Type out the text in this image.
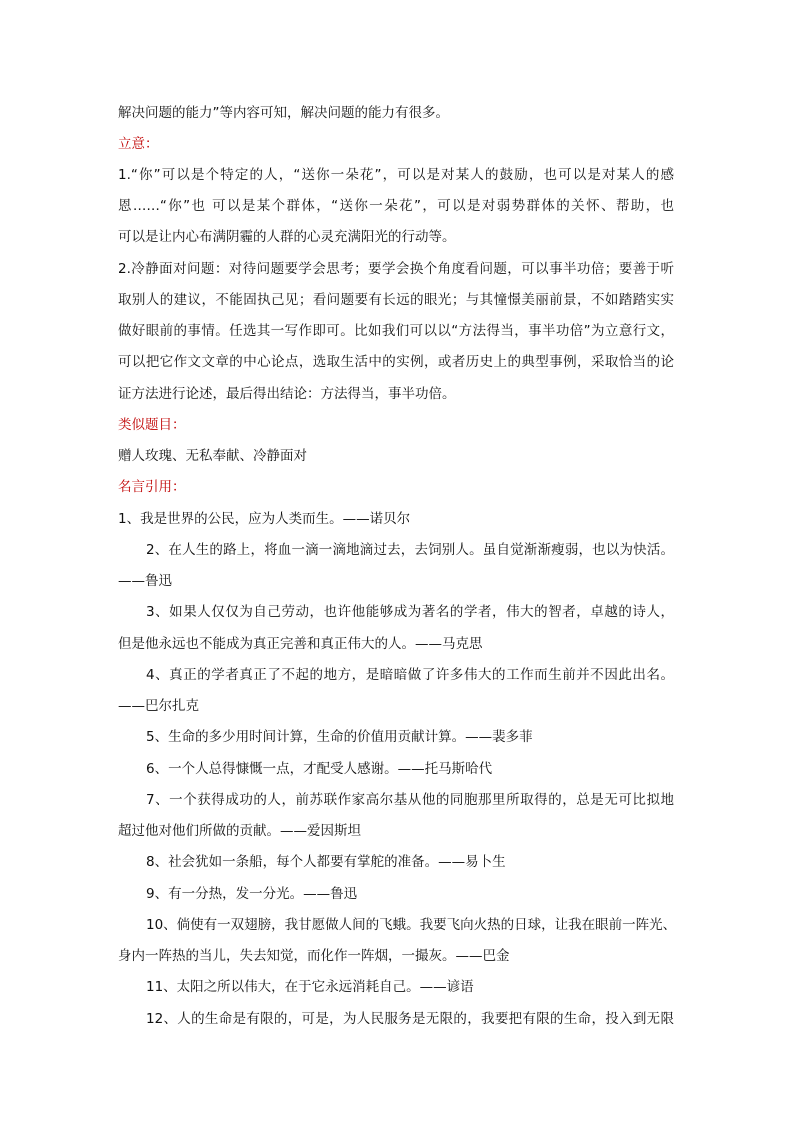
解决问题的能力”等内容可知，解决问题的能力有很多。

立意：

1.“你”可以是个特定的人，“送你一朵花”，可以是对某人的鼓励，也可以是对某人的感

恩……“你”也 可以是某个群体，“送你一朵花”，可以是对弱势群体的关怀、帮助，也

可以是让内心布满阴霾的人群的心灵充满阳光的行动等。

2.冷静面对问题：对待问题要学会思考；要学会换个角度看问题，可以事半功倍；要善于听

取别人的建议，不能固执己见；看问题要有长远的眼光；与其憧憬美丽前景，不如踏踏实实

做好眼前的事情。任选其一写作即可。比如我们可以以“方法得当，事半功倍”为立意行文，

可以把它作文文章的中心论点，选取生活中的实例，或者历史上的典型事例，采取恰当的论

证方法进行论述，最后得出结论：方法得当，事半功倍。

类似题目：

赠人玫瑰、无私奉献、冷静面对

名言引用：

1、我是世界的公民，应为人类而生。——诺贝尔

2、在人生的路上，将血一滴一滴地滴过去，去饲别人。虽自觉渐渐瘦弱，也以为快活。

——鲁迅

3、如果人仅仅为自己劳动，也许他能够成为著名的学者，伟大的智者，卓越的诗人，

但是他永远也不能成为真正完善和真正伟大的人。——马克思

4、真正的学者真正了不起的地方，是暗暗做了许多伟大的工作而生前并不因此出名。

——巴尔扎克

5、生命的多少用时间计算，生命的价值用贡献计算。——裴多菲

6、一个人总得慷慨一点，才配受人感谢。——托马斯哈代

7、一个获得成功的人，前苏联作家高尔基从他的同胞那里所取得的，总是无可比拟地

超过他对他们所做的贡献。——爱因斯坦

8、社会犹如一条船，每个人都要有掌舵的准备。——易卜生

9、有一分热，发一分光。——鲁迅

10、倘使有一双翅膀，我甘愿做人间的飞蛾。我要飞向火热的日球，让我在眼前一阵光、

身内一阵热的当儿，失去知觉，而化作一阵烟，一撮灰。——巴金

11、太阳之所以伟大，在于它永远消耗自己。——谚语

12、人的生命是有限的，可是，为人民服务是无限的，我要把有限的生命，投入到无限
